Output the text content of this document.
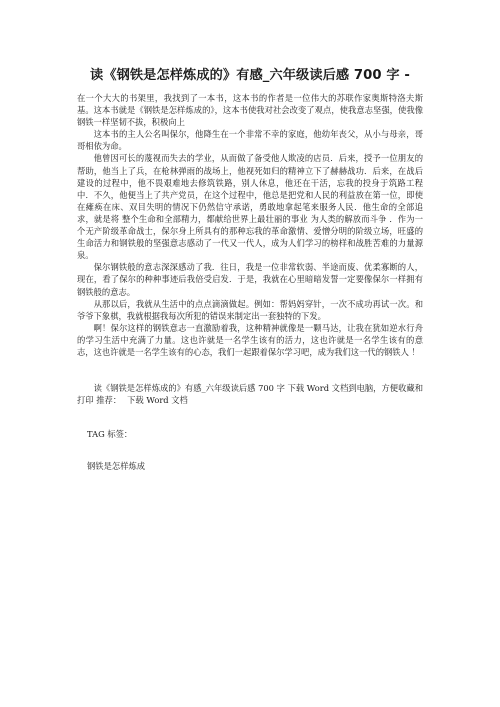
读《钢铁是怎样炼成的》有感_六年级读后感 700 字 -

在一个大大的书架里，我找到了一本书，这本书的作者是一位伟大的苏联作家奥斯特洛夫斯基。这本书就是《钢铁是怎样炼成的》，这本书使我对社会改变了观点，使我意志坚强，使我像钢铁一样坚韧不拔，积极向上

这本书的主人公名叫保尔，他降生在一个非常不幸的家庭，他幼年丧父，从小与母亲，哥哥相依为命。

他曾因可长的蔑视而失去的学业，从而做了备受他人欺凌的店员．后来，授予一位朋友的帮助，他当上了兵，在枪林弹雨的战场上，他视死如归的精神立下了赫赫战功．后来，在战后建设的过程中，他不畏艰难地去修筑铁路，别人休息，他还在干活，忘我的投身于筑路工程中．不久，他便当上了共产党员，在这个过程中，他总是把党和人民的利益放在第一位，即使在瘫痪在床、双目失明的情况下仍然信守承诺，勇敢地拿起笔来服务人民．他生命的全部追求，就是将 整个生命和全部精力，都献给世界上最壮丽的事业 为人类的解放而斗争 ．作为一个无产阶级革命战士，保尔身上所具有的那种忘我的革命激情、爱憎分明的阶级立场，旺盛的生命活力和钢铁般的坚强意志感动了一代又一代人，成为人们学习的榜样和战胜苦难的力量源泉。

保尔钢铁般的意志深深感动了我．往日，我是一位非常软弱、半途而废、优柔寡断的人，现在，看了保尔的种种事迹后我倍受启发．于是，我就在心里暗暗发誓一定要像保尔一样拥有钢铁般的意志。

从那以后，我就从生活中的点点滴滴做起。例如：帮妈妈穿针，一次不成功再试一次。和爷爷下象棋，我就根据我每次所犯的错误来制定出一套独特的下发。

啊！保尔这样的钢铁意志一直激励着我，这种精神就像是一颗马达，让我在犹如逆水行舟的学习生活中充满了力量。这也许就是一名学生该有的活力，这也许就是一名学生该有的意志，这也许就是一名学生该有的心态，我们一起跟着保尔学习吧，成为我们这一代的钢铁人 ！

读《钢铁是怎样炼成的》有感_六年级读后感 700 字 下载 Word 文档到电脑，方便收藏和打印 推荐： 下载 Word 文档

TAG 标签：
钢铁是怎样炼成
